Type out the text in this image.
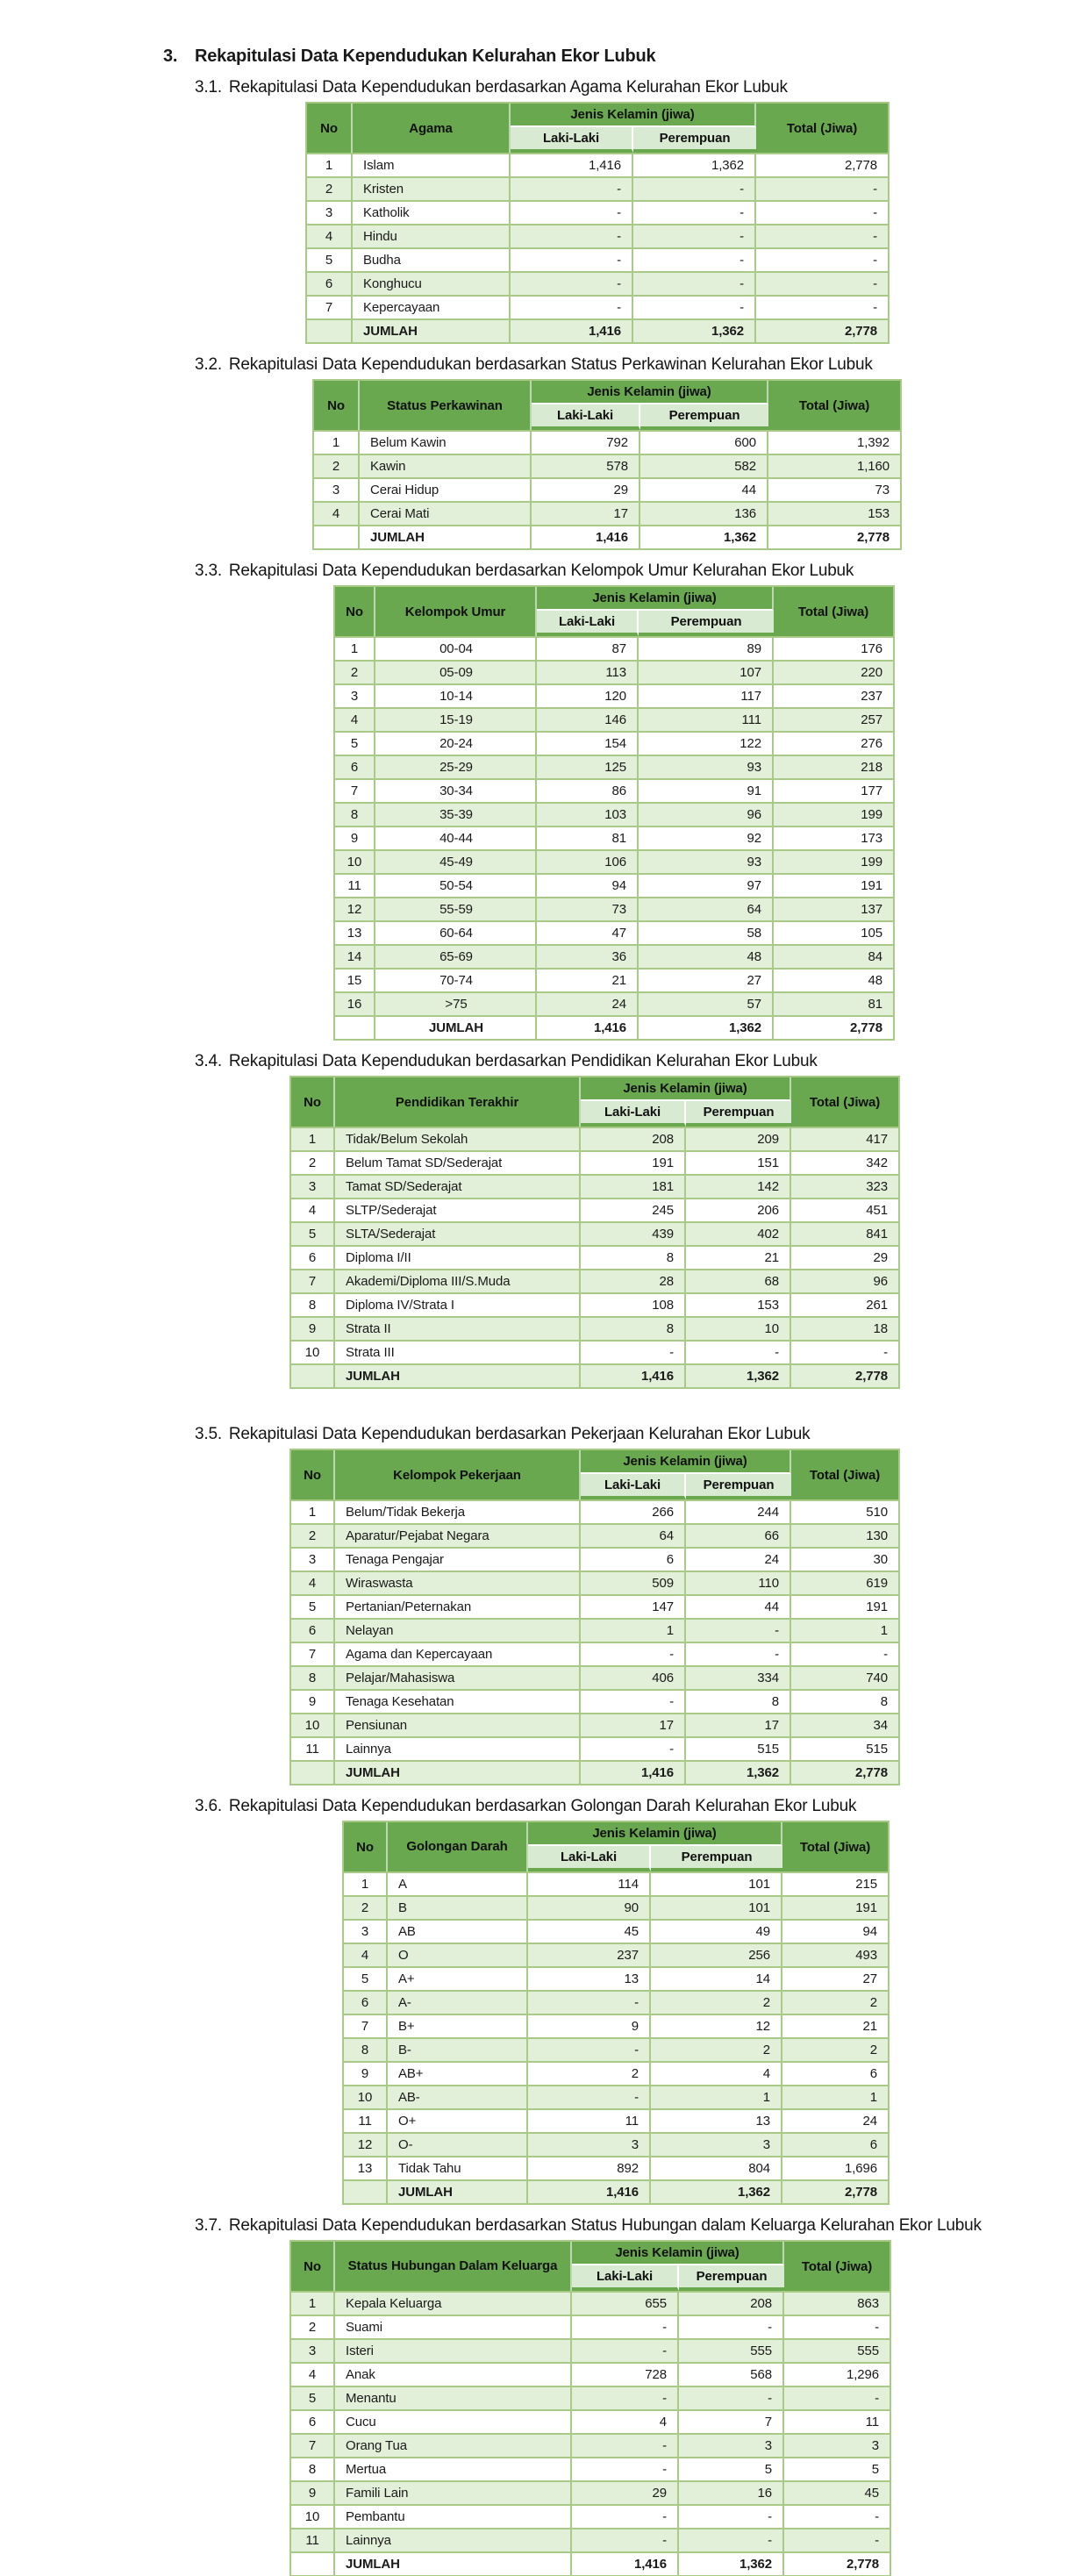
3. Rekapitulasi Data Kependudukan Kelurahan Ekor Lubuk
3.1. Rekapitulasi Data Kependudukan berdasarkan Agama Kelurahan Ekor Lubuk
No	Agama	Jenis Kelamin (jiwa)		Total (Jiwa)
		Laki-Laki	Perempuan	
1	Islam	1,416	1,362	2,778
2	Kristen	-	-	-
3	Katholik	-	-	-
4	Hindu	-	-	-
5	Budha	-	-	-
6	Konghucu	-	-	-
7	Kepercayaan	-	-	-
	JUMLAH	1,416	1,362	2,778
3.2. Rekapitulasi Data Kependudukan berdasarkan Status Perkawinan Kelurahan Ekor Lubuk
No	Status Perkawinan	Jenis Kelamin (jiwa)		Total (Jiwa)
		Laki-Laki	Perempuan	
1	Belum Kawin	792	600	1,392
2	Kawin	578	582	1,160
3	Cerai Hidup	29	44	73
4	Cerai Mati	17	136	153
	JUMLAH	1,416	1,362	2,778
3.3. Rekapitulasi Data Kependudukan berdasarkan Kelompok Umur Kelurahan Ekor Lubuk
No	Kelompok Umur	Jenis Kelamin (jiwa)		Total (Jiwa)
		Laki-Laki	Perempuan	
1	00-04	87	89	176
2	05-09	113	107	220
3	10-14	120	117	237
4	15-19	146	111	257
5	20-24	154	122	276
6	25-29	125	93	218
7	30-34	86	91	177
8	35-39	103	96	199
9	40-44	81	92	173
10	45-49	106	93	199
11	50-54	94	97	191
12	55-59	73	64	137
13	60-64	47	58	105
14	65-69	36	48	84
15	70-74	21	27	48
16	>75	24	57	81
	JUMLAH	1,416	1,362	2,778
3.4. Rekapitulasi Data Kependudukan berdasarkan Pendidikan Kelurahan Ekor Lubuk
No	Pendidikan Terakhir	Jenis Kelamin (jiwa)		Total (Jiwa)
		Laki-Laki	Perempuan	
1	Tidak/Belum Sekolah	208	209	417
2	Belum Tamat SD/Sederajat	191	151	342
3	Tamat SD/Sederajat	181	142	323
4	SLTP/Sederajat	245	206	451
5	SLTA/Sederajat	439	402	841
6	Diploma I/II	8	21	29
7	Akademi/Diploma III/S.Muda	28	68	96
8	Diploma IV/Strata I	108	153	261
9	Strata II	8	10	18
10	Strata III	-	-	-
	JUMLAH	1,416	1,362	2,778
3.5. Rekapitulasi Data Kependudukan berdasarkan Pekerjaan Kelurahan Ekor Lubuk
No	Kelompok Pekerjaan	Jenis Kelamin (jiwa)		Total (Jiwa)
		Laki-Laki	Perempuan	
1	Belum/Tidak Bekerja	266	244	510
2	Aparatur/Pejabat Negara	64	66	130
3	Tenaga Pengajar	6	24	30
4	Wiraswasta	509	110	619
5	Pertanian/Peternakan	147	44	191
6	Nelayan	1	-	1
7	Agama dan Kepercayaan	-	-	-
8	Pelajar/Mahasiswa	406	334	740
9	Tenaga Kesehatan	-	8	8
10	Pensiunan	17	17	34
11	Lainnya	-	515	515
	JUMLAH	1,416	1,362	2,778
3.6. Rekapitulasi Data Kependudukan berdasarkan Golongan Darah Kelurahan Ekor Lubuk
No	Golongan Darah	Jenis Kelamin (jiwa)		Total (Jiwa)
		Laki-Laki	Perempuan	
1	A	114	101	215
2	B	90	101	191
3	AB	45	49	94
4	O	237	256	493
5	A+	13	14	27
6	A-	-	2	2
7	B+	9	12	21
8	B-	-	2	2
9	AB+	2	4	6
10	AB-	-	1	1
11	O+	11	13	24
12	O-	3	3	6
13	Tidak Tahu	892	804	1,696
	JUMLAH	1,416	1,362	2,778
3.7. Rekapitulasi Data Kependudukan berdasarkan Status Hubungan dalam Keluarga Kelurahan Ekor Lubuk
No	Status Hubungan Dalam Keluarga	Jenis Kelamin (jiwa)		Total (Jiwa)
		Laki-Laki	Perempuan	
1	Kepala Keluarga	655	208	863
2	Suami	-	-	-
3	Isteri	-	555	555
4	Anak	728	568	1,296
5	Menantu	-	-	-
6	Cucu	4	7	11
7	Orang Tua	-	3	3
8	Mertua	-	5	5
9	Famili Lain	29	16	45
10	Pembantu	-	-	-
11	Lainnya	-	-	-
	JUMLAH	1,416	1,362	2,778
